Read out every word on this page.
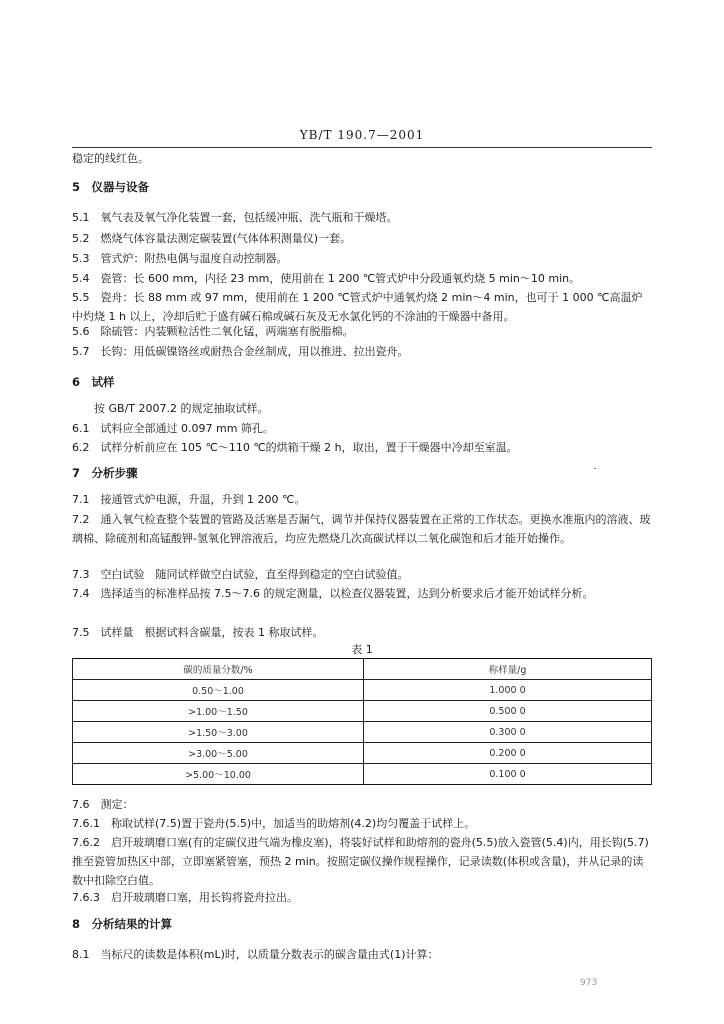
YB/T 190.7—2001
稳定的线红色。
5　仪器与设备
5.1　氧气表及氧气净化装置一套，包括缓冲瓶、洗气瓶和干燥塔。
5.2　燃烧气体容量法测定碳装置(气体体积测量仪)一套。
5.3　管式炉：附热电偶与温度自动控制器。
5.4　瓷管：长 600 mm，内径 23 mm，使用前在 1 200 ℃管式炉中分段通氧灼烧 5 min～10 min。
5.5　瓷舟：长 88 mm 或 97 mm，使用前在 1 200 ℃管式炉中通氧灼烧 2 min～4 min，也可于 1 000 ℃高温炉中灼烧 1 h 以上，冷却后贮于盛有碱石棉或碱石灰及无水氯化钙的不涂油的干燥器中备用。
5.6　除硫管：内装颗粒活性二氧化锰，两端塞有脱脂棉。
5.7　长钩：用低碳镍铬丝或耐热合金丝制成，用以推进、拉出瓷舟。
6　试样
按 GB/T 2007.2 的规定抽取试样。
6.1　试料应全部通过 0.097 mm 筛孔。
6.2　试样分析前应在 105 ℃～110 ℃的烘箱干燥 2 h，取出，置于干燥器中冷却至室温。
7　分析步骤
7.1　接通管式炉电源，升温，升到 1 200 ℃。
7.2　通入氧气检查整个装置的管路及活塞是否漏气，调节并保持仪器装置在正常的工作状态。更换水准瓶内的溶液、玻璃棉、除硫剂和高锰酸钾-氢氧化钾溶液后，均应先燃烧几次高碳试样以二氧化碳饱和后才能开始操作。
7.3　空白试验　随同试样做空白试验，直至得到稳定的空白试验值。
7.4　选择适当的标准样品按 7.5～7.6 的规定测量，以检查仪器装置，达到分析要求后才能开始试样分析。
7.5　试样量　根据试料含碳量，按表 1 称取试样。
表 1
碳的质量分数/%	称样量/g
0.50～1.00	1.000 0
>1.00～1.50	0.500 0
>1.50～3.00	0.300 0
>3.00～5.00	0.200 0
>5.00～10.00	0.100 0
7.6　测定：
7.6.1　称取试样(7.5)置于瓷舟(5.5)中，加适当的助熔剂(4.2)均匀覆盖于试样上。
7.6.2　启开玻璃磨口塞(有的定碳仪进气端为橡皮塞)，将装好试样和助熔剂的瓷舟(5.5)放入瓷管(5.4)内，用长钩(5.7)推至瓷管加热区中部，立即塞紧管塞，预热 2 min。按照定碳仪操作规程操作，记录读数(体积或含量)，并从记录的读数中扣除空白值。
7.6.3　启开玻璃磨口塞，用长钩将瓷舟拉出。
8　分析结果的计算
8.1　当标尺的读数是体积(mL)时，以质量分数表示的碳含量由式(1)计算：
973
